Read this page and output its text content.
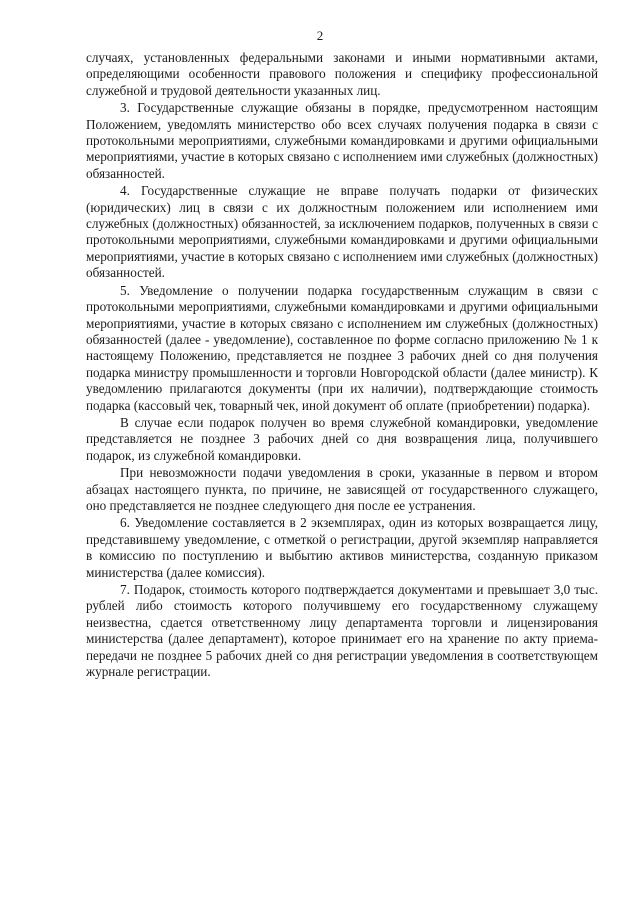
2

случаях, установленных федеральными законами и иными нормативными актами, определяющими особенности правового положения и специфику профессиональной служебной и трудовой деятельности указанных лиц.

3. Государственные служащие обязаны в порядке, предусмотренном настоящим Положением, уведомлять министерство обо всех случаях получения подарка в связи с протокольными мероприятиями, служебными командировками и другими официальными мероприятиями, участие в которых связано с исполнением ими служебных (должностных) обязанностей.

4. Государственные служащие не вправе получать подарки от физических (юридических) лиц в связи с их должностным положением или исполнением ими служебных (должностных) обязанностей, за исключением подарков, полученных в связи с протокольными мероприятиями, служебными командировками и другими официальными мероприятиями, участие в которых связано с исполнением ими служебных (должностных) обязанностей.

5. Уведомление о получении подарка государственным служащим в связи с протокольными мероприятиями, служебными командировками и другими официальными мероприятиями, участие в которых связано с исполнением им служебных (должностных) обязанностей (далее - уведомление), составленное по форме согласно приложению № 1 к настоящему Положению, представляется не позднее 3 рабочих дней со дня получения подарка министру промышленности и торговли Новгородской области (далее министр). К уведомлению прилагаются документы (при их наличии), подтверждающие стоимость подарка (кассовый чек, товарный чек, иной документ об оплате (приобретении) подарка).

В случае если подарок получен во время служебной командировки, уведомление представляется не позднее 3 рабочих дней со дня возвращения лица, получившего подарок, из служебной командировки.

При невозможности подачи уведомления в сроки, указанные в первом и втором абзацах настоящего пункта, по причине, не зависящей от государственного служащего, оно представляется не позднее следующего дня после ее устранения.

6. Уведомление составляется в 2 экземплярах, один из которых возвращается лицу, представившему уведомление, с отметкой о регистрации, другой экземпляр направляется в комиссию по поступлению и выбытию активов министерства, созданную приказом министерства (далее комиссия).

7. Подарок, стоимость которого подтверждается документами и превышает 3,0 тыс. рублей либо стоимость которого получившему его государственному служащему неизвестна, сдается ответственному лицу департамента торговли и лицензирования министерства (далее департамент), которое принимает его на хранение по акту приема-передачи не позднее 5 рабочих дней со дня регистрации уведомления в соответствующем журнале регистрации.
